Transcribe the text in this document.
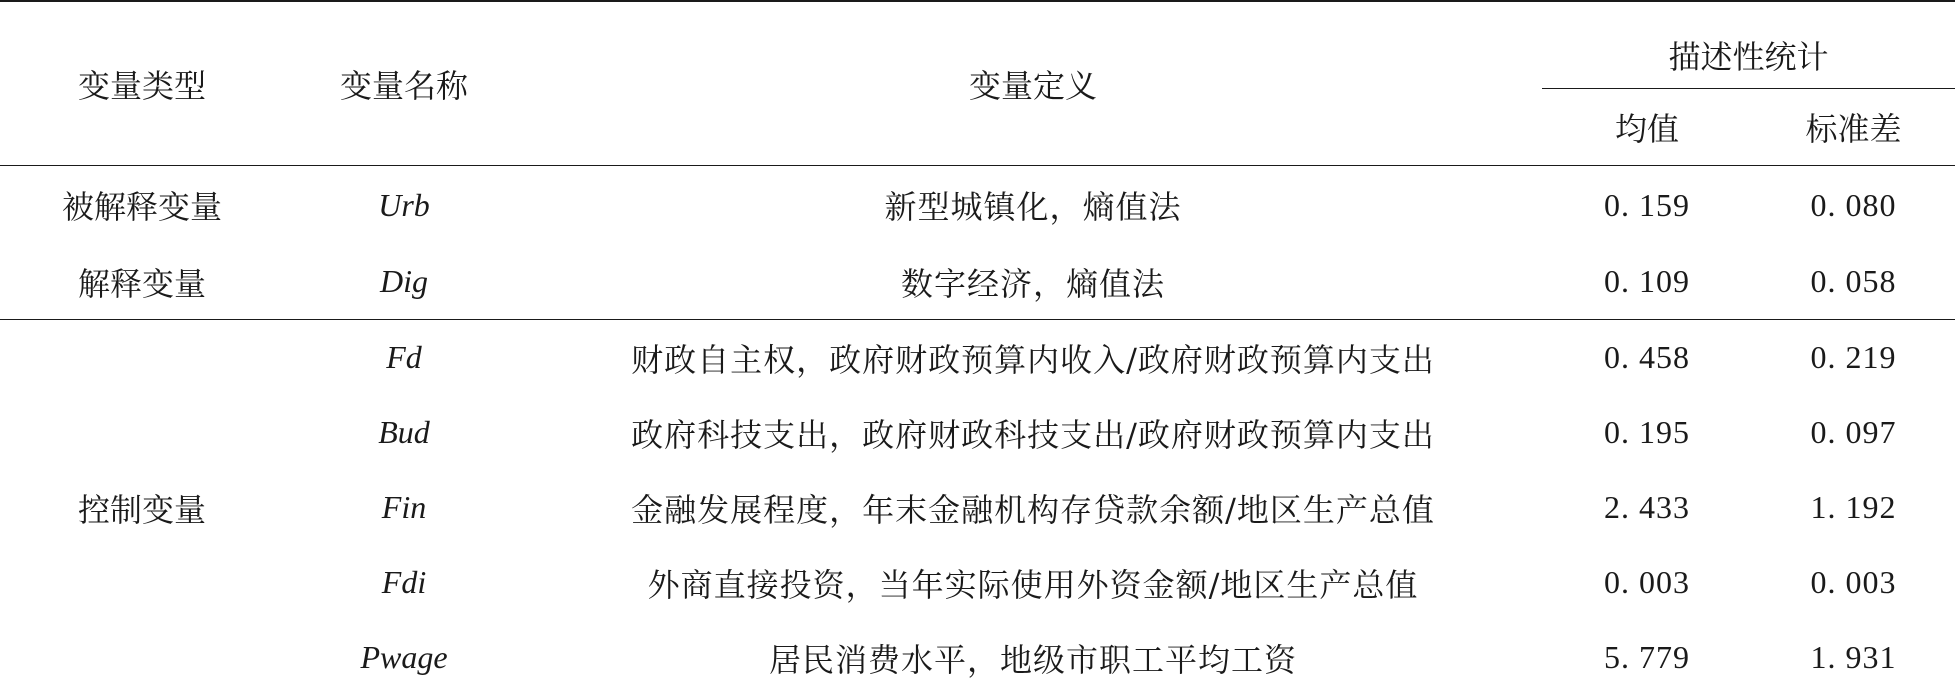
变量类型	变量名称	变量定义	描述性统计	
			均值	标准差
被解释变量	Urb	新型城镇化，熵值法	0. 159	0. 080
解释变量	Dig	数字经济，熵值法	0. 109	0. 058
控制变量	Fd	财政自主权，政府财政预算内收入/政府财政预算内支出	0. 458	0. 219
	Bud	政府科技支出，政府财政科技支出/政府财政预算内支出	0. 195	0. 097
	Fin	金融发展程度，年末金融机构存贷款余额/地区生产总值	2. 433	1. 192
	Fdi	外商直接投资，当年实际使用外资金额/地区生产总值	0. 003	0. 003
	Pwage	居民消费水平，地级市职工平均工资	5. 779	1. 931
